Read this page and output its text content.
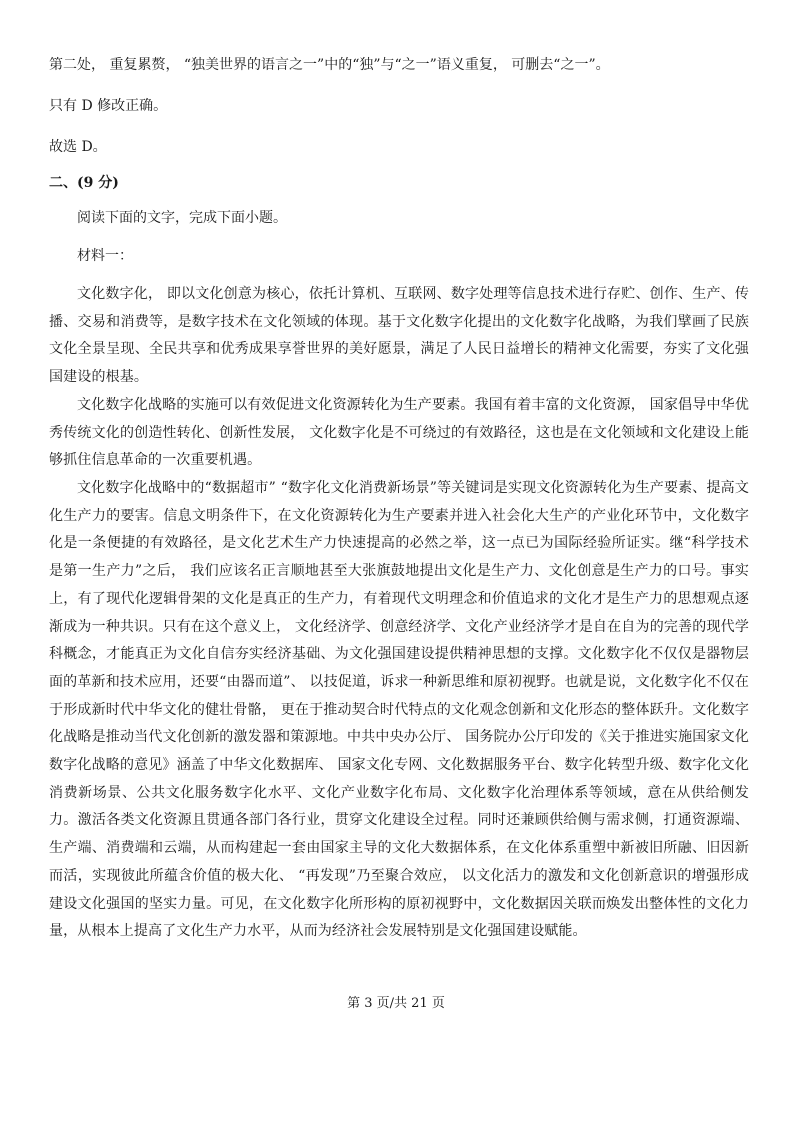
第二处， 重复累赘， “独美世界的语言之一”中的“独”与“之一”语义重复， 可删去“之一”。
只有 D 修改正确。
故选 D。
二、(9 分)
阅读下面的文字，完成下面小题。
材料一：

文化数字化， 即以文化创意为核心，依托计算机、互联网、数字处理等信息技术进行存贮、创作、生产、传播、交易和消费等，是数字技术在文化领域的体现。基于文化数字化提出的文化数字化战略，为我们擘画了民族文化全景呈现、全民共享和优秀成果享誉世界的美好愿景，满足了人民日益增长的精神文化需要，夯实了文化强国建设的根基。

文化数字化战略的实施可以有效促进文化资源转化为生产要素。我国有着丰富的文化资源， 国家倡导中华优秀传统文化的创造性转化、创新性发展， 文化数字化是不可绕过的有效路径，这也是在文化领域和文化建设上能够抓住信息革命的一次重要机遇。

文化数字化战略中的“数据超市” “数字化文化消费新场景”等关键词是实现文化资源转化为生产要素、提高文化生产力的要害。信息文明条件下，在文化资源转化为生产要素并进入社会化大生产的产业化环节中，文化数字化是一条便捷的有效路径，是文化艺术生产力快速提高的必然之举，这一点已为国际经验所证实。继“科学技术是第一生产力”之后， 我们应该名正言顺地甚至大张旗鼓地提出文化是生产力、文化创意是生产力的口号。事实上，有了现代化逻辑骨架的文化是真正的生产力，有着现代文明理念和价值追求的文化才是生产力的思想观点逐渐成为一种共识。只有在这个意义上， 文化经济学、创意经济学、文化产业经济学才是自在自为的完善的现代学科概念，才能真正为文化自信夯实经济基础、为文化强国建设提供精神思想的支撑。文化数字化不仅仅是器物层面的革新和技术应用，还要“由器而道”、 以技促道，诉求一种新思维和原初视野。也就是说，文化数字化不仅在于形成新时代中华文化的健壮骨骼， 更在于推动契合时代特点的文化观念创新和文化形态的整体跃升。文化数字化战略是推动当代文化创新的激发器和策源地。中共中央办公厅、 国务院办公厅印发的《关于推进实施国家文化数字化战略的意见》涵盖了中华文化数据库、 国家文化专网、文化数据服务平台、数字化转型升级、数字化文化消费新场景、公共文化服务数字化水平、文化产业数字化布局、文化数字化治理体系等领域，意在从供给侧发力。激活各类文化资源且贯通各部门各行业，贯穿文化建设全过程。同时还兼顾供给侧与需求侧，打通资源端、生产端、消费端和云端，从而构建起一套由国家主导的文化大数据体系，在文化体系重塑中新被旧所融、旧因新而活，实现彼此所蕴含价值的极大化、 “再发现”乃至聚合效应， 以文化活力的激发和文化创新意识的增强形成建设文化强国的坚实力量。可见，在文化数字化所形构的原初视野中，文化数据因关联而焕发出整体性的文化力量，从根本上提高了文化生产力水平，从而为经济社会发展特别是文化强国建设赋能。

第 3 页/共 21 页
